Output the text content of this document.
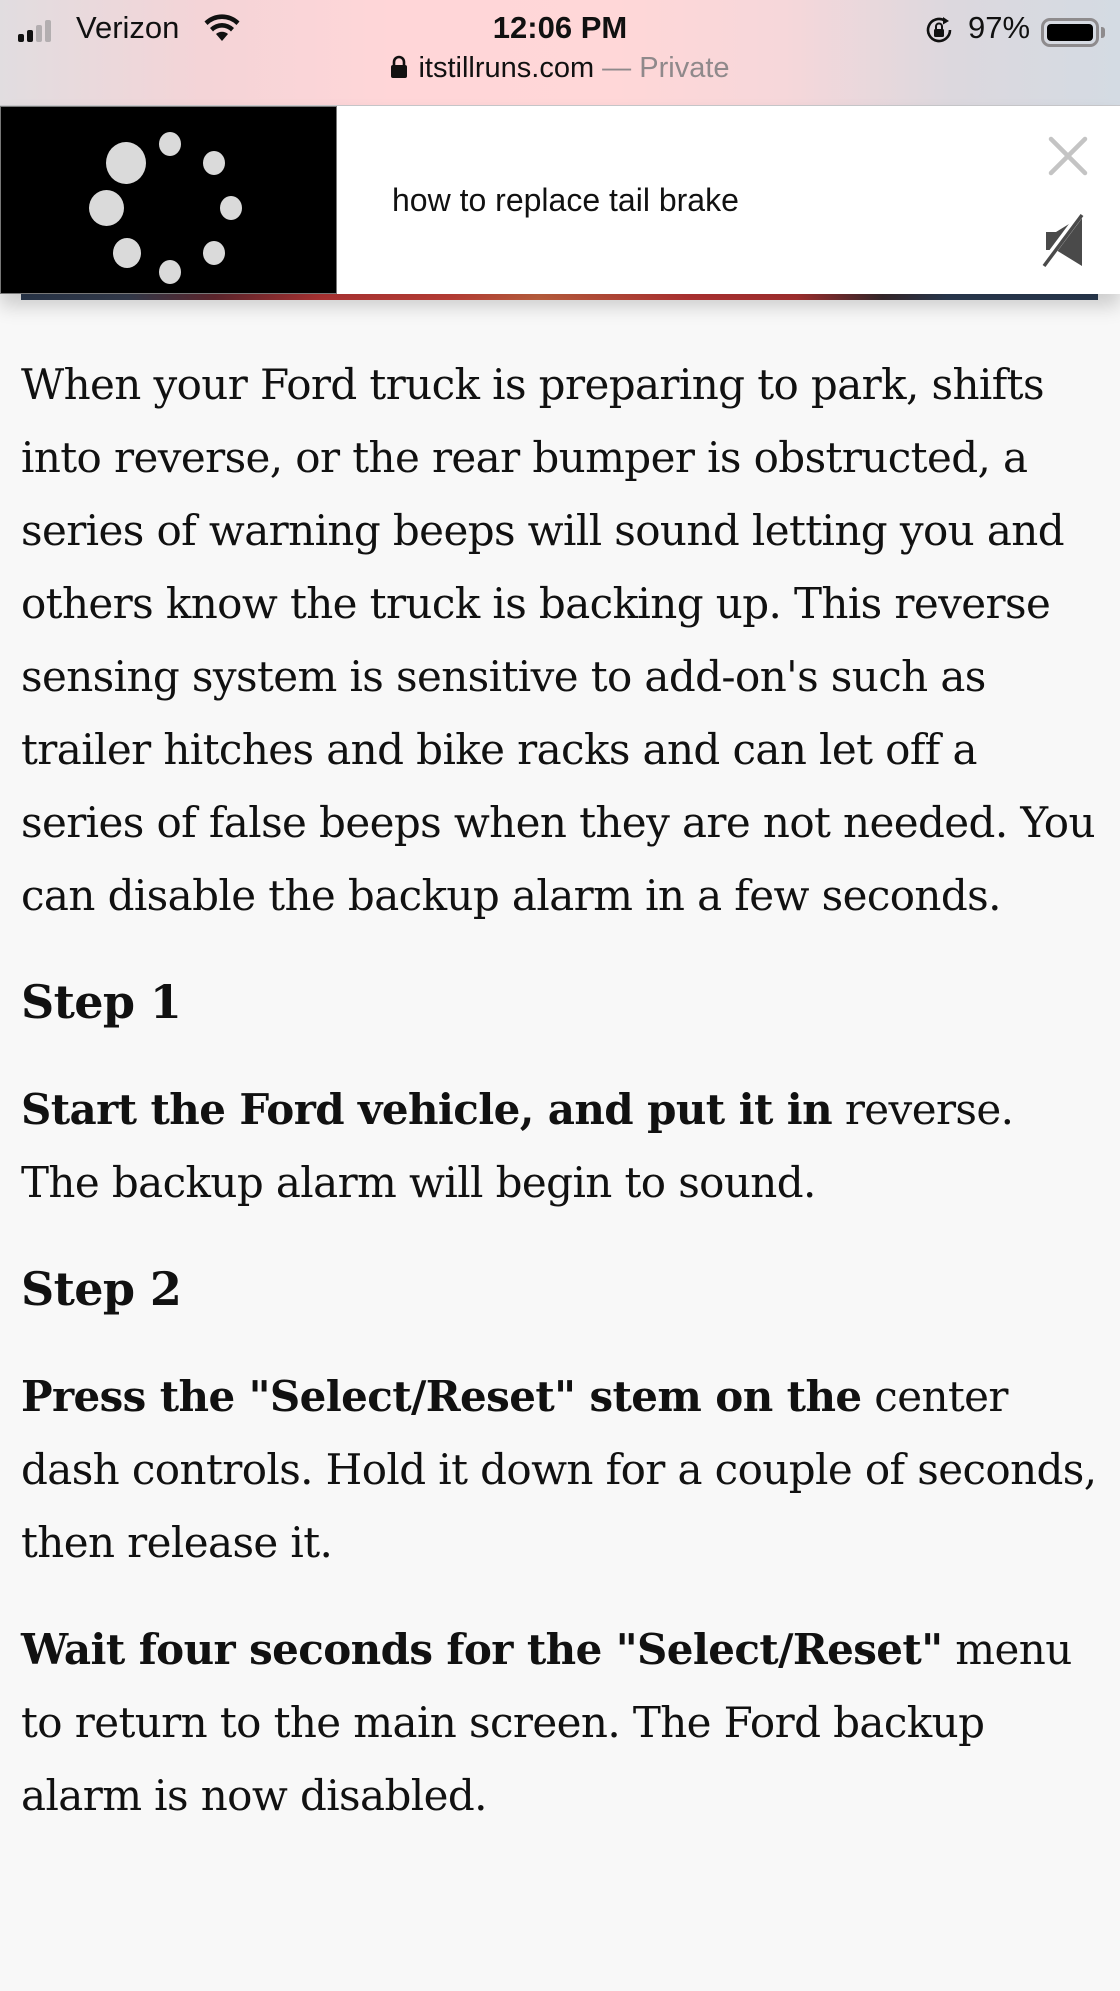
Verizon	12:06 PM	97%
itstillruns.com — Private
how to replace tail brake

When your Ford truck is preparing to park, shifts into reverse, or the rear bumper is obstructed, a series of warning beeps will sound letting you and others know the truck is backing up. This reverse sensing system is sensitive to add-on's such as trailer hitches and bike racks and can let off a series of false beeps when they are not needed. You can disable the backup alarm in a few seconds.

Step 1

Start the Ford vehicle, and put it in reverse. The backup alarm will begin to sound.

Step 2

Press the "Select/Reset" stem on the center dash controls. Hold it down for a couple of seconds, then release it.

Wait four seconds for the "Select/Reset" menu to return to the main screen. The Ford backup alarm is now disabled.
